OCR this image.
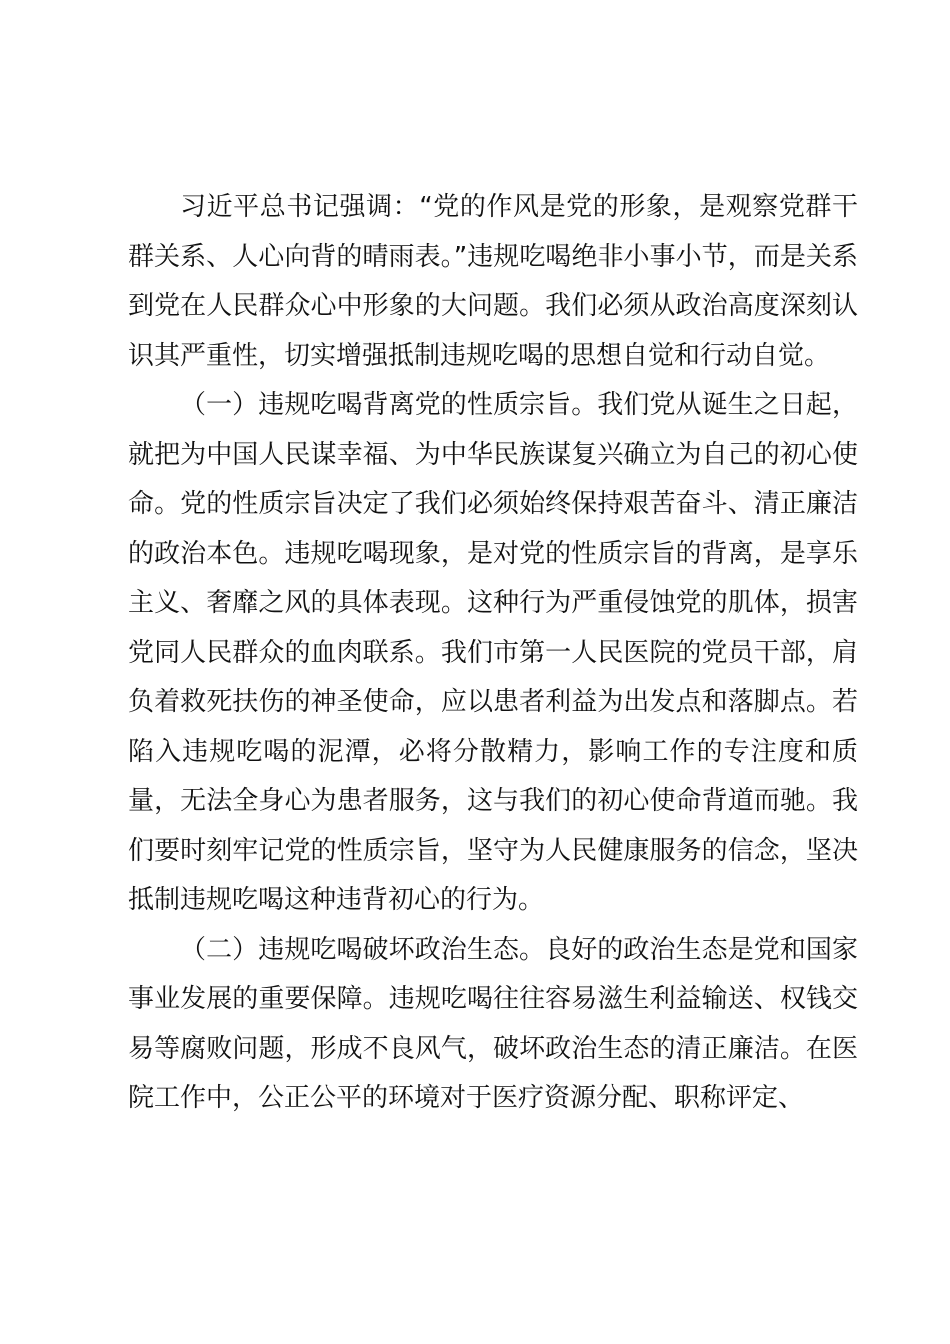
习近平总书记强调：“党的作风是党的形象，是观察党群干群关系、人心向背的晴雨表。”违规吃喝绝非小事小节，而是关系到党在人民群众心中形象的大问题。我们必须从政治高度深刻认识其严重性，切实增强抵制违规吃喝的思想自觉和行动自觉。

（一）违规吃喝背离党的性质宗旨。我们党从诞生之日起，就把为中国人民谋幸福、为中华民族谋复兴确立为自己的初心使命。党的性质宗旨决定了我们必须始终保持艰苦奋斗、清正廉洁的政治本色。违规吃喝现象，是对党的性质宗旨的背离，是享乐主义、奢靡之风的具体表现。这种行为严重侵蚀党的肌体，损害党同人民群众的血肉联系。我们市第一人民医院的党员干部，肩负着救死扶伤的神圣使命，应以患者利益为出发点和落脚点。若陷入违规吃喝的泥潭，必将分散精力，影响工作的专注度和质量，无法全身心为患者服务，这与我们的初心使命背道而驰。我们要时刻牢记党的性质宗旨，坚守为人民健康服务的信念，坚决抵制违规吃喝这种违背初心的行为。

（二）违规吃喝破坏政治生态。良好的政治生态是党和国家事业发展的重要保障。违规吃喝往往容易滋生利益输送、权钱交易等腐败问题，形成不良风气，破坏政治生态的清正廉洁。在医院工作中，公正公平的环境对于医疗资源分配、职称评定、
